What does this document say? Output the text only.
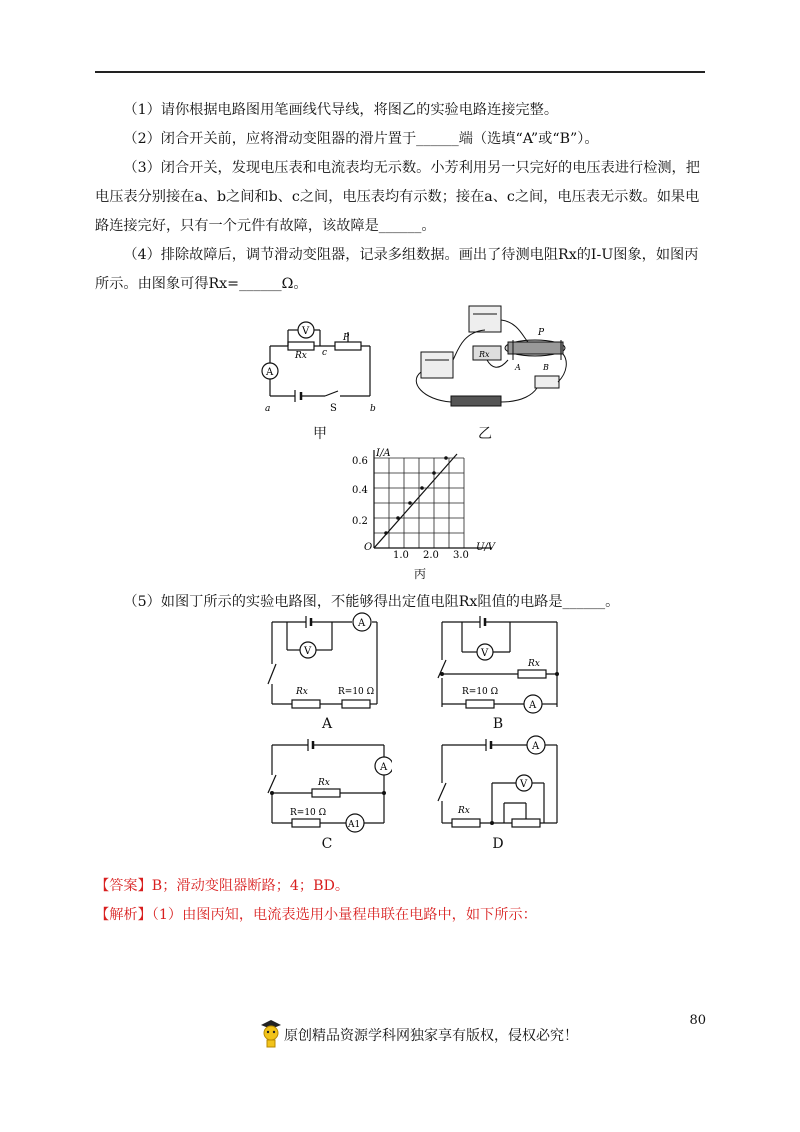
（1）请你根据电路图用笔画线代导线，将图乙的实验电路连接完整。
（2）闭合开关前，应将滑动变阻器的滑片置于______端（选填“A”或“B”）。
（3）闭合开关，发现电压表和电流表均无示数。小芳利用另一只完好的电压表进行检测，把电压表分别接在a、b之间和b、c之间，电压表均有示数；接在a、c之间，电压表无示数。如果电路连接完好，只有一个元件有故障，该故障是______。
（4）排除故障后，调节滑动变阻器，记录多组数据。画出了待测电阻Rx的I-U图象，如图丙所示。由图象可得Rx=______Ω。
V
A
Rx
P
c
S
a	b
甲
P
A	B
Rx
乙
I/A
U/V
O
0.2
0.4
0.6
1.0 2.0 3.0
丙
（5）如图丁所示的实验电路图，不能够得出定值电阻Rx阻值的电路是______。
A
V
Rx	R=10 Ω
A
V
A
Rx
R=10 Ω
B
A
A1
Rx
R=10 Ω
C
A
V
Rx
D
【答案】B；滑动变阻器断路；4；BD。
【解析】（1）由图丙知，电流表选用小量程串联在电路中，如下所示：
80
原创精品资源学科网独家享有版权，侵权必究！
